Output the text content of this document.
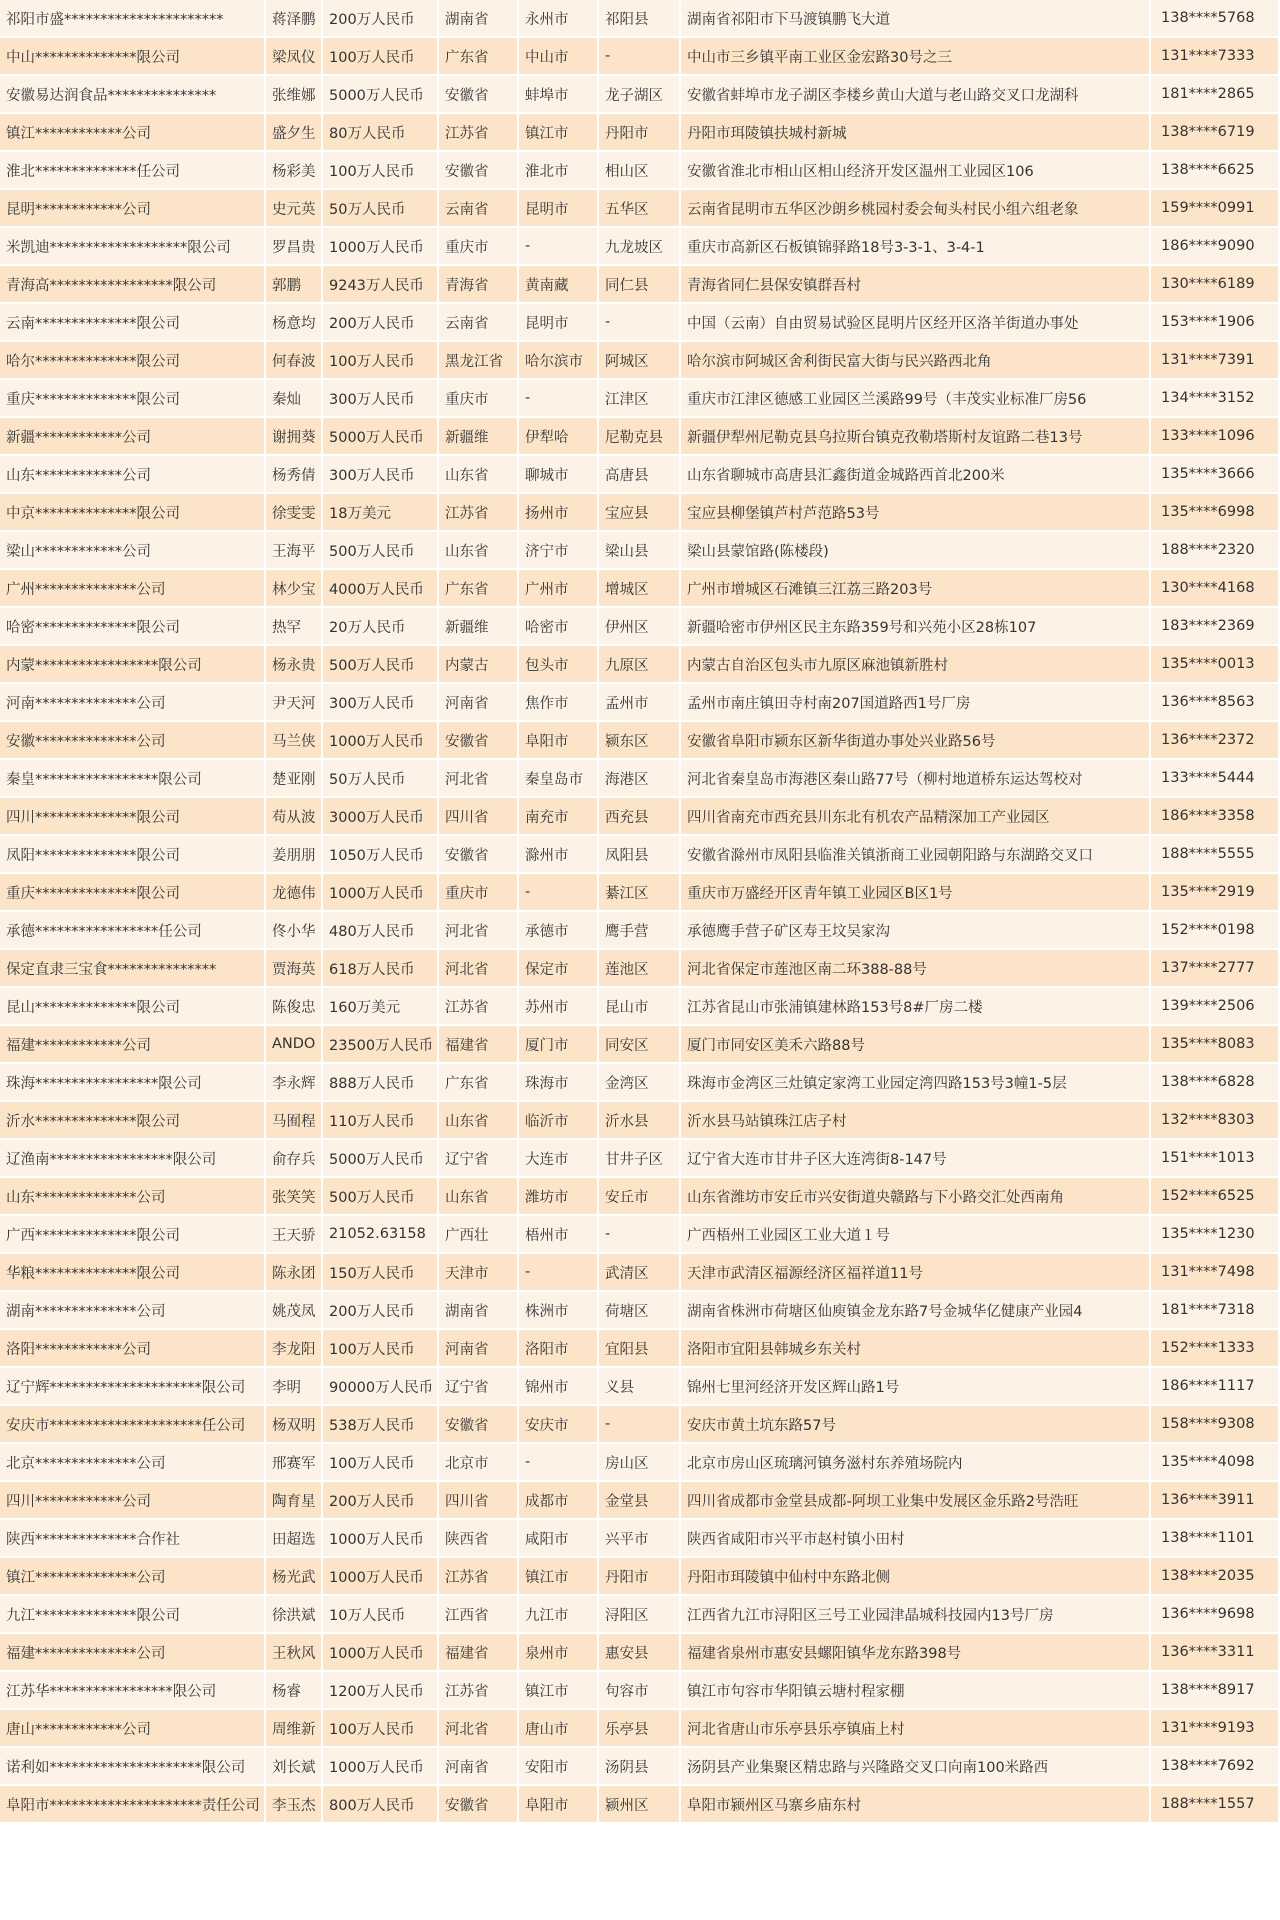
祁阳市盛**********************	蒋泽鹏	200万人民币	湖南省	永州市	祁阳县	湖南省祁阳市下马渡镇鹏飞大道	138****5768
中山**************限公司	梁凤仪	100万人民币	广东省	中山市	-	中山市三乡镇平南工业区金宏路30号之三	131****7333
安徽易达润食品***************	张维娜	5000万人民币	安徽省	蚌埠市	龙子湖区	安徽省蚌埠市龙子湖区李楼乡黄山大道与老山路交叉口龙湖科	181****2865
镇江************公司	盛夕生	80万人民币	江苏省	镇江市	丹阳市	丹阳市珥陵镇扶城村新城	138****6719
淮北**************任公司	杨彩美	100万人民币	安徽省	淮北市	相山区	安徽省淮北市相山区相山经济开发区温州工业园区106	138****6625
昆明************公司	史元英	50万人民币	云南省	昆明市	五华区	云南省昆明市五华区沙朗乡桃园村委会甸头村民小组六组老象	159****0991
米凯迪*******************限公司	罗昌贵	1000万人民币	重庆市	-	九龙坡区	重庆市高新区石板镇锦驿路18号3-3-1、3-4-1	186****9090
青海高*****************限公司	郭鹏	9243万人民币	青海省	黄南藏	同仁县	青海省同仁县保安镇群吾村	130****6189
云南**************限公司	杨意均	200万人民币	云南省	昆明市	-	中国（云南）自由贸易试验区昆明片区经开区洛羊街道办事处	153****1906
哈尔**************限公司	何春波	100万人民币	黑龙江省	哈尔滨市	阿城区	哈尔滨市阿城区舍利街民富大街与民兴路西北角	131****7391
重庆**************限公司	秦灿	300万人民币	重庆市	-	江津区	重庆市江津区德感工业园区兰溪路99号（丰茂实业标准厂房56	134****3152
新疆************公司	谢拥葵	5000万人民币	新疆维	伊犁哈	尼勒克县	新疆伊犁州尼勒克县乌拉斯台镇克孜勒塔斯村友谊路二巷13号	133****1096
山东************公司	杨秀倩	300万人民币	山东省	聊城市	高唐县	山东省聊城市高唐县汇鑫街道金城路西首北200米	135****3666
中京**************限公司	徐雯雯	18万美元	江苏省	扬州市	宝应县	宝应县柳堡镇芦村芦范路53号	135****6998
梁山************公司	王海平	500万人民币	山东省	济宁市	梁山县	梁山县蒙馆路(陈楼段)	188****2320
广州**************公司	林少宝	4000万人民币	广东省	广州市	增城区	广州市增城区石滩镇三江荔三路203号	130****4168
哈密**************限公司	热罕	20万人民币	新疆维	哈密市	伊州区	新疆哈密市伊州区民主东路359号和兴苑小区28栋107	183****2369
内蒙*****************限公司	杨永贵	500万人民币	内蒙古	包头市	九原区	内蒙古自治区包头市九原区麻池镇新胜村	135****0013
河南**************公司	尹天河	300万人民币	河南省	焦作市	孟州市	孟州市南庄镇田寺村南207国道路西1号厂房	136****8563
安徽**************公司	马兰侠	1000万人民币	安徽省	阜阳市	颍东区	安徽省阜阳市颍东区新华街道办事处兴业路56号	136****2372
秦皇*****************限公司	楚亚刚	50万人民币	河北省	秦皇岛市	海港区	河北省秦皇岛市海港区秦山路77号（柳村地道桥东运达驾校对	133****5444
四川**************限公司	苟从波	3000万人民币	四川省	南充市	西充县	四川省南充市西充县川东北有机农产品精深加工产业园区	186****3358
凤阳**************限公司	姜朋朋	1050万人民币	安徽省	滁州市	凤阳县	安徽省滁州市凤阳县临淮关镇浙商工业园朝阳路与东湖路交叉口	188****5555
重庆**************限公司	龙德伟	1000万人民币	重庆市	-	綦江区	重庆市万盛经开区青年镇工业园区B区1号	135****2919
承德*****************任公司	佟小华	480万人民币	河北省	承德市	鹰手营	承德鹰手营子矿区寿王坟吴家沟	152****0198
保定直隶三宝食***************	贾海英	618万人民币	河北省	保定市	莲池区	河北省保定市莲池区南二环388-88号	137****2777
昆山**************限公司	陈俊忠	160万美元	江苏省	苏州市	昆山市	江苏省昆山市张浦镇建林路153号8#厂房二楼	139****2506
福建************公司	ANDO	23500万人民币	福建省	厦门市	同安区	厦门市同安区美禾六路88号	135****8083
珠海*****************限公司	李永辉	888万人民币	广东省	珠海市	金湾区	珠海市金湾区三灶镇定家湾工业园定湾四路153号3幢1-5层	138****6828
沂水**************限公司	马囿程	110万人民币	山东省	临沂市	沂水县	沂水县马站镇珠江店子村	132****8303
辽渔南*****************限公司	俞存兵	5000万人民币	辽宁省	大连市	甘井子区	辽宁省大连市甘井子区大连湾街8-147号	151****1013
山东**************公司	张笑笑	500万人民币	山东省	潍坊市	安丘市	山东省潍坊市安丘市兴安街道央赣路与下小路交汇处西南角	152****6525
广西**************限公司	王天骄	21052.63158	广西壮	梧州市	-	广西梧州工业园区工业大道１号	135****1230
华粮**************限公司	陈永团	150万人民币	天津市	-	武清区	天津市武清区福源经济区福祥道11号	131****7498
湖南**************公司	姚茂凤	200万人民币	湖南省	株洲市	荷塘区	湖南省株洲市荷塘区仙庾镇金龙东路7号金城华亿健康产业园4	181****7318
洛阳************公司	李龙阳	100万人民币	河南省	洛阳市	宜阳县	洛阳市宜阳县韩城乡东关村	152****1333
辽宁辉*********************限公司	李明	90000万人民币	辽宁省	锦州市	义县	锦州七里河经济开发区辉山路1号	186****1117
安庆市*********************任公司	杨双明	538万人民币	安徽省	安庆市	-	安庆市黄土坑东路57号	158****9308
北京**************公司	邢赛军	100万人民币	北京市	-	房山区	北京市房山区琉璃河镇务滋村东养殖场院内	135****4098
四川************公司	陶育星	200万人民币	四川省	成都市	金堂县	四川省成都市金堂县成都-阿坝工业集中发展区金乐路2号浩旺	136****3911
陕西**************合作社	田超选	1000万人民币	陕西省	咸阳市	兴平市	陕西省咸阳市兴平市赵村镇小田村	138****1101
镇江**************公司	杨光武	1000万人民币	江苏省	镇江市	丹阳市	丹阳市珥陵镇中仙村中东路北侧	138****2035
九江**************限公司	徐洪斌	10万人民币	江西省	九江市	浔阳区	江西省九江市浔阳区三号工业园津晶城科技园内13号厂房	136****9698
福建**************公司	王秋风	1000万人民币	福建省	泉州市	惠安县	福建省泉州市惠安县螺阳镇华龙东路398号	136****3311
江苏华*****************限公司	杨睿	1200万人民币	江苏省	镇江市	句容市	镇江市句容市华阳镇云塘村程家棚	138****8917
唐山************公司	周维新	100万人民币	河北省	唐山市	乐亭县	河北省唐山市乐亭县乐亭镇庙上村	131****9193
诺利如*********************限公司	刘长斌	1000万人民币	河南省	安阳市	汤阴县	汤阴县产业集聚区精忠路与兴隆路交叉口向南100米路西	138****7692
阜阳市*********************责任公司	李玉杰	800万人民币	安徽省	阜阳市	颍州区	阜阳市颍州区马寨乡庙东村	188****1557
